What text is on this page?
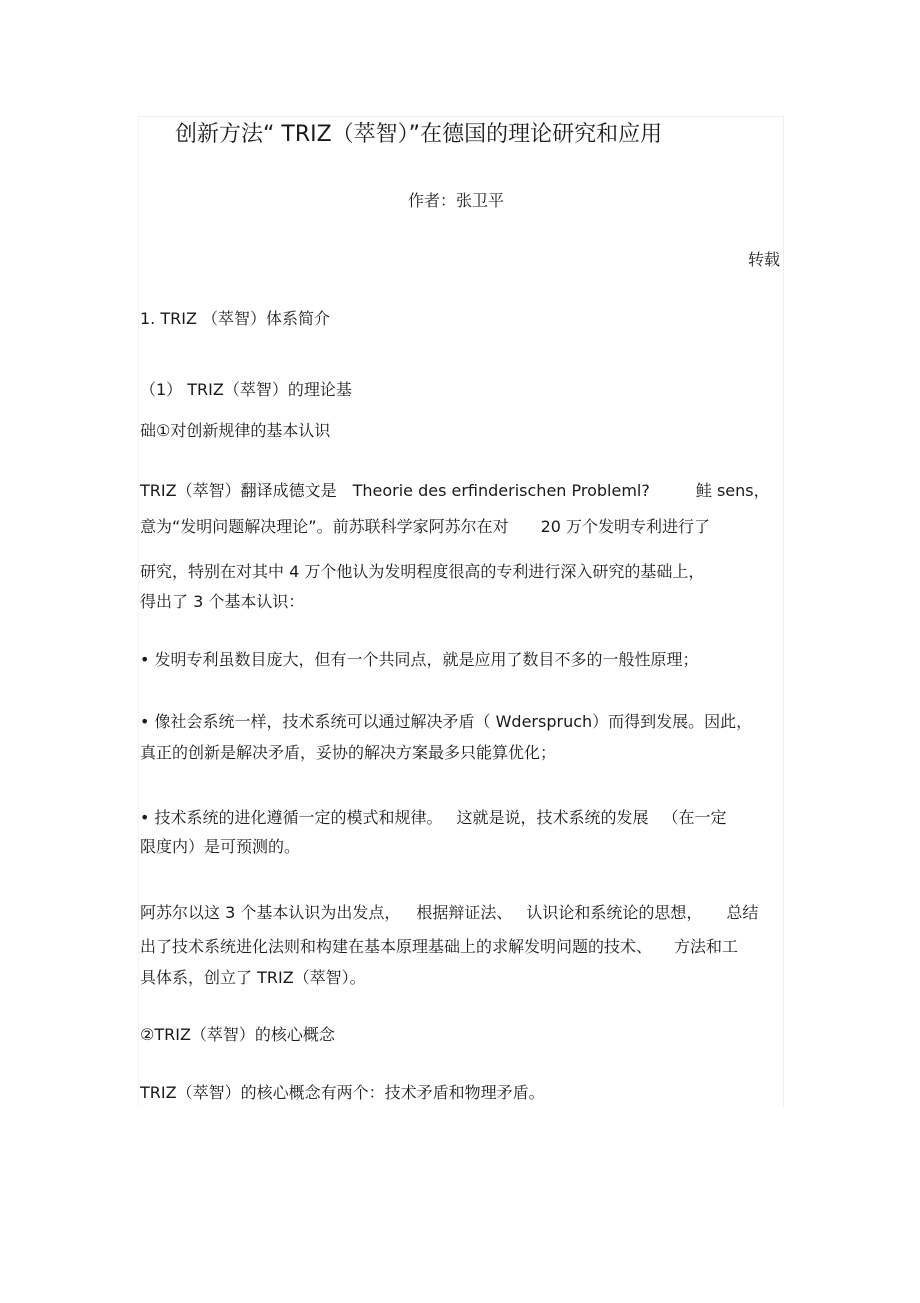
创新方法“ TRIZ（萃智）”在德国的理论研究和应用
作者：张卫平
转载
1. TRIZ （萃智）体系简介
（1） TRIZ（萃智）的理论基
础①对创新规律的基本认识
TRIZ（萃智）翻译成德文是 Theorie des erfinderischen Probleml?	鲑 sens，
意为“发明问题解决理论”。前苏联科学家阿苏尔在对 20 万个发明专利进行了
研究，特别在对其中 4 万个他认为发明程度很高的专利进行深入研究的基础上，
得出了 3 个基本认识：
• 发明专利虽数目庞大，但有一个共同点，就是应用了数目不多的一般性原理；
• 像社会系统一样，技术系统可以通过解决矛盾（ Wderspruch）而得到发展。因此，
真正的创新是解决矛盾，妥协的解决方案最多只能算优化；
• 技术系统的进化遵循一定的模式和规律。 这就是说，技术系统的发展 （在一定
限度内）是可预测的。
阿苏尔以这 3 个基本认识为出发点， 根据辩证法、 认识论和系统论的思想， 总结
出了技术系统进化法则和构建在基本原理基础上的求解发明问题的技术、 方法和工
具体系，创立了 TRIZ（萃智）。
②TRIZ（萃智）的核心概念
TRIZ（萃智）的核心概念有两个：技术矛盾和物理矛盾。
